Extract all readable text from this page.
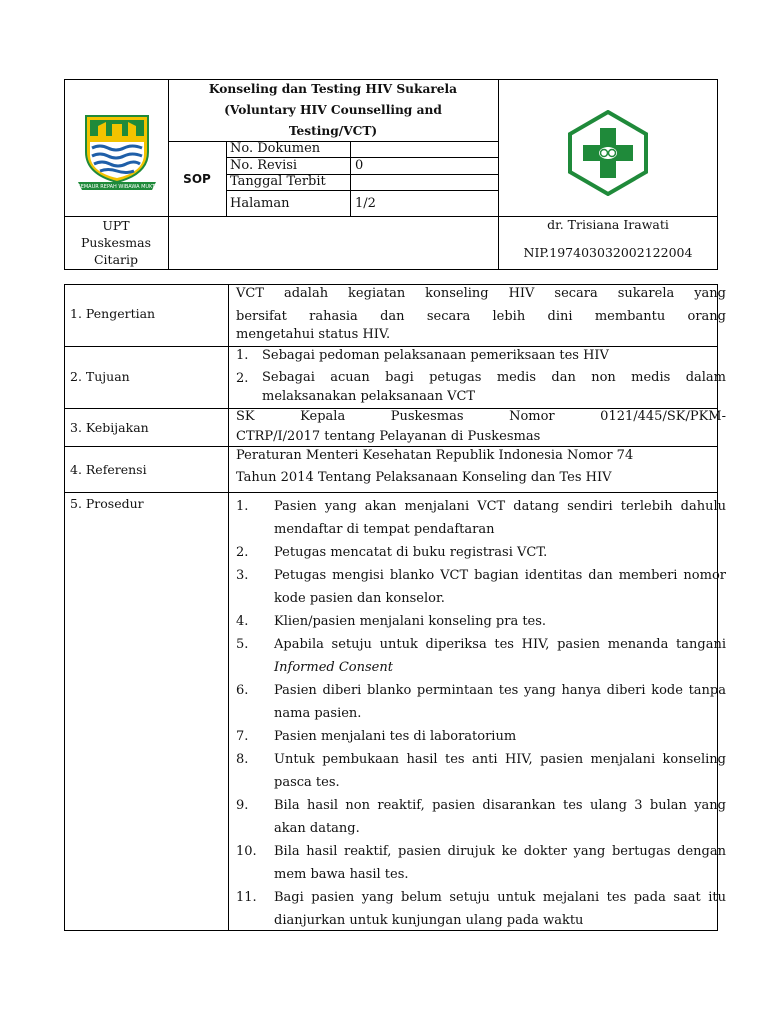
SEMAUR REPAH WIBAWA MUKTI
Konseling dan Testing HIV Sukarela
(Voluntary HIV Counselling and
Testing/VCT)
SOP
No. Dokumen
No. Revisi	0
Tanggal Terbit
Halaman	1/2
UPT
Puskesmas
Citarip
dr. Trisiana Irawati
NIP.197403032002122004
1. Pengertian
VCT adalah kegiatan konseling HIV secara sukarela yang
bersifat rahasia dan secara lebih dini membantu orang
mengetahui status HIV.
2. Tujuan
1.	Sebagai pedoman pelaksanaan pemeriksaan tes HIV
2.	Sebagai acuan bagi petugas medis dan non medis dalam melaksanakan pelaksanaan VCT
3. Kebijakan
SK Kepala Puskesmas Nomor 0121/445/SK/PKM-
CTRP/I/2017 tentang Pelayanan di Puskesmas
4. Referensi
Peraturan Menteri Kesehatan Republik Indonesia Nomor 74
Tahun 2014 Tentang Pelaksanaan Konseling dan Tes HIV
5. Prosedur	1.	Pasien yang akan menjalani VCT datang sendiri terlebih dahulu mendaftar di tempat pendaftaran
2.	Petugas mencatat di buku registrasi VCT.
3.	Petugas mengisi blanko VCT bagian identitas dan memberi nomor kode pasien dan konselor.
4.	Klien/pasien menjalani konseling pra tes.
5.	Apabila setuju untuk diperiksa tes HIV, pasien menanda tangani Informed Consent
6.	Pasien diberi blanko permintaan tes yang hanya diberi kode tanpa nama pasien.
7.	Pasien menjalani tes di laboratorium
8.	Untuk pembukaan hasil tes anti HIV, pasien menjalani konseling pasca tes.
9.	Bila hasil non reaktif, pasien disarankan tes ulang 3 bulan yang akan datang.
10.	Bila hasil reaktif, pasien dirujuk ke dokter yang bertugas dengan mem bawa hasil tes.
11.	Bagi pasien yang belum setuju untuk mejalani tes pada saat itu dianjurkan untuk kunjungan ulang pada waktu
